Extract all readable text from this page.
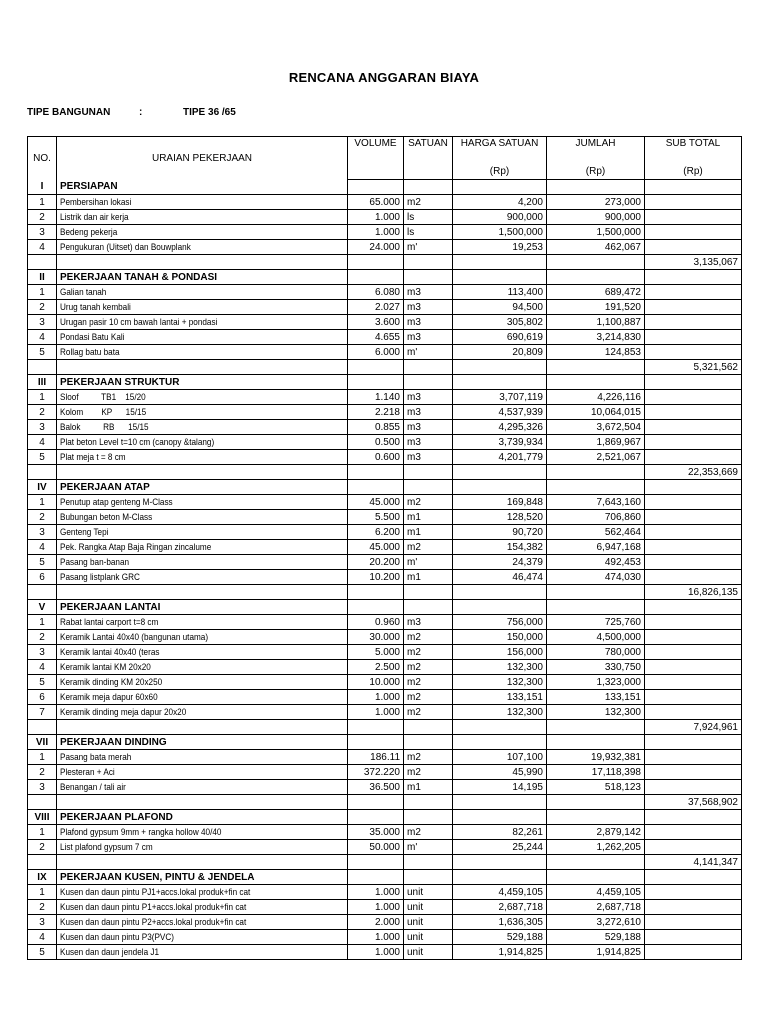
RENCANA ANGGARAN BIAYA
TIPE BANGUNAN	:	TIPE 36 /65
NO.	URAIAN PEKERJAAN	VOLUME	SATUAN	HARGA SATUAN	JUMLAH	SUB TOTAL
				(Rp)	(Rp)	(Rp)
I	PERSIAPAN					
1	Pembersihan lokasi	65.000	m2	4,200	273,000	
2	Listrik dan air kerja	1.000	ls	900,000	900,000	
3	Bedeng pekerja	1.000	ls	1,500,000	1,500,000	
4	Pengukuran (Uitset) dan Bouwplank	24.000	m'	19,253	462,067	
						3,135,067
II	PEKERJAAN TANAH & PONDASI					
1	Galian tanah	6.080	m3	113,400	689,472	
2	Urug tanah kembali	2.027	m3	94,500	191,520	
3	Urugan pasir 10 cm bawah lantai + pondasi	3.600	m3	305,802	1,100,887	
4	Pondasi Batu Kali	4.655	m3	690,619	3,214,830	
5	Rollag batu bata	6.000	m'	20,809	124,853	
						5,321,562
III	PEKERJAAN STRUKTUR					
1	Sloof          TB1    15/20	1.140	m3	3,707,119	4,226,116	
2	Kolom        KP      15/15	2.218	m3	4,537,939	10,064,015	
3	Balok          RB      15/15	0.855	m3	4,295,326	3,672,504	
4	Plat beton Level t=10 cm (canopy &talang)	0.500	m3	3,739,934	1,869,967	
5	Plat meja t = 8 cm	0.600	m3	4,201,779	2,521,067	
						22,353,669
IV	PEKERJAAN ATAP					
1	Penutup atap genteng M-Class	45.000	m2	169,848	7,643,160	
2	Bubungan beton M-Class	5.500	m1	128,520	706,860	
3	Genteng Tepi	6.200	m1	90,720	562,464	
4	Pek. Rangka Atap Baja Ringan zincalume	45.000	m2	154,382	6,947,168	
5	Pasang ban-banan	20.200	m'	24,379	492,453	
6	Pasang listplank GRC	10.200	m1	46,474	474,030	
						16,826,135
V	PEKERJAAN LANTAI					
1	Rabat lantai carport t=8 cm	0.960	m3	756,000	725,760	
2	Keramik Lantai 40x40 (bangunan utama)	30.000	m2	150,000	4,500,000	
3	Keramik lantai 40x40 (teras	5.000	m2	156,000	780,000	
4	Keramik lantai KM 20x20	2.500	m2	132,300	330,750	
5	Keramik dinding KM 20x250	10.000	m2	132,300	1,323,000	
6	Keramik meja dapur 60x60	1.000	m2	133,151	133,151	
7	Keramik dinding meja dapur 20x20	1.000	m2	132,300	132,300	
						7,924,961
VII	PEKERJAAN DINDING					
1	Pasang bata merah	186.11	m2	107,100	19,932,381	
2	Plesteran + Aci	372.220	m2	45,990	17,118,398	
3	Benangan / tali air	36.500	m1	14,195	518,123	
						37,568,902
VIII	PEKERJAAN PLAFOND					
1	Plafond gypsum 9mm + rangka hollow 40/40	35.000	m2	82,261	2,879,142	
2	List plafond gypsum 7 cm	50.000	m'	25,244	1,262,205	
						4,141,347
IX	PEKERJAAN KUSEN, PINTU & JENDELA					
1	Kusen dan daun pintu PJ1+accs.lokal produk+fin cat	1.000	unit	4,459,105	4,459,105	
2	Kusen dan daun pintu P1+accs.lokal produk+fin cat	1.000	unit	2,687,718	2,687,718	
3	Kusen dan daun pintu P2+accs.lokal produk+fin cat	2.000	unit	1,636,305	3,272,610	
4	Kusen dan daun pintu P3(PVC)	1.000	unit	529,188	529,188	
5	Kusen dan daun jendela J1	1.000	unit	1,914,825	1,914,825	
